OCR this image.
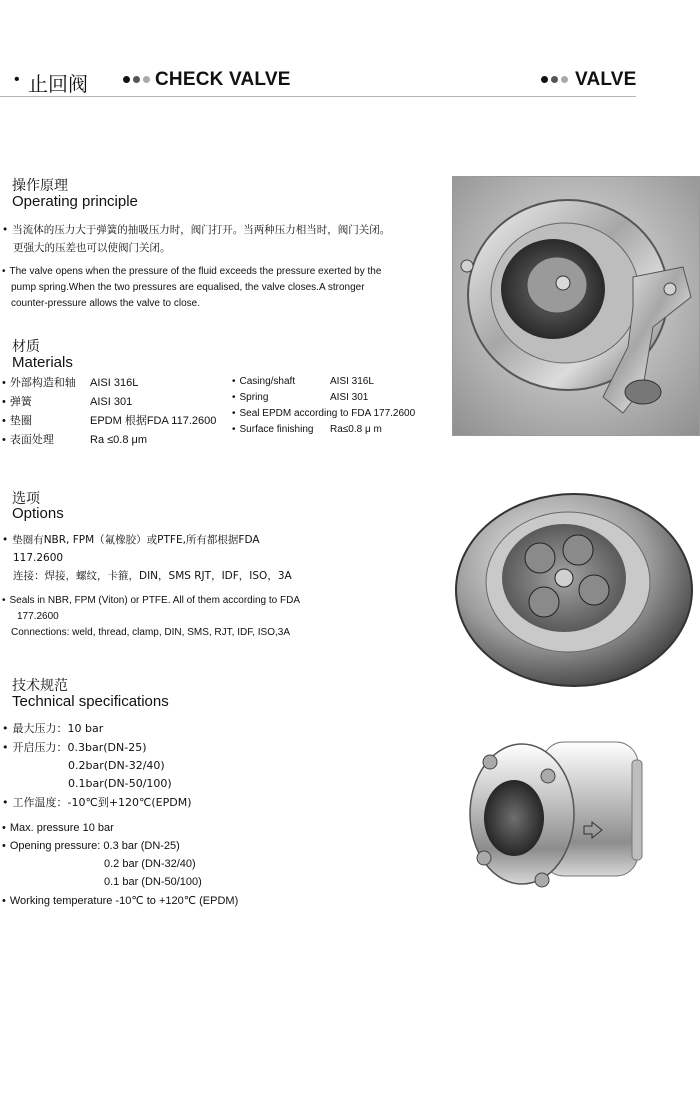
• 止回阀	CHECK VALVE	VALVE
操作原理
Operating principle
• 当流体的压力大于弹簧的抽吸压力时，阀门打开。当两种压力相当时，阀门关闭。
更强大的压差也可以使阀门关闭。
• The valve opens when the pressure of the fluid exceeds the pressure exerted by the
pump spring.When the two pressures are equalised, the valve closes.A stronger
counter-pressure allows the valve to close.
材质
Materials
• 外部构造和轴 AISI 316L
• 弹簧	AISI 301
• 垫圈	EPDM 根据FDA 117.2600
• 表面处理	Ra ≤0.8 μm
• Casing/shaft	AISI 316L
• Spring	AISI 301
• Seal EPDM according to FDA 177.2600
• Surface finishing Ra≤0.8 μ m
选项
Options
• 垫圈有NBR, FPM（氟橡胶）或PTFE,所有都根据FDA
117.2600
连接：焊接，螺纹，卡箍，DIN，SMS RJT，IDF，ISO，3A
• Seals in NBR, FPM (Viton) or PTFE. All of them according to FDA
177.2600
Connections: weld, thread, clamp, DIN, SMS, RJT, IDF, ISO,3A
技术规范
Technical specifications
• 最大压力：10 bar
• 开启压力：0.3bar(DN-25)
0.2bar(DN-32/40)
0.1bar(DN-50/100)
• 工作温度：-10℃到+120℃(EPDM)
• Max. pressure 10 bar
• Opening pressure: 0.3 bar (DN-25)
0.2 bar (DN-32/40)
0.1 bar (DN-50/100)
• Working temperature -10℃ to +120℃ (EPDM)
